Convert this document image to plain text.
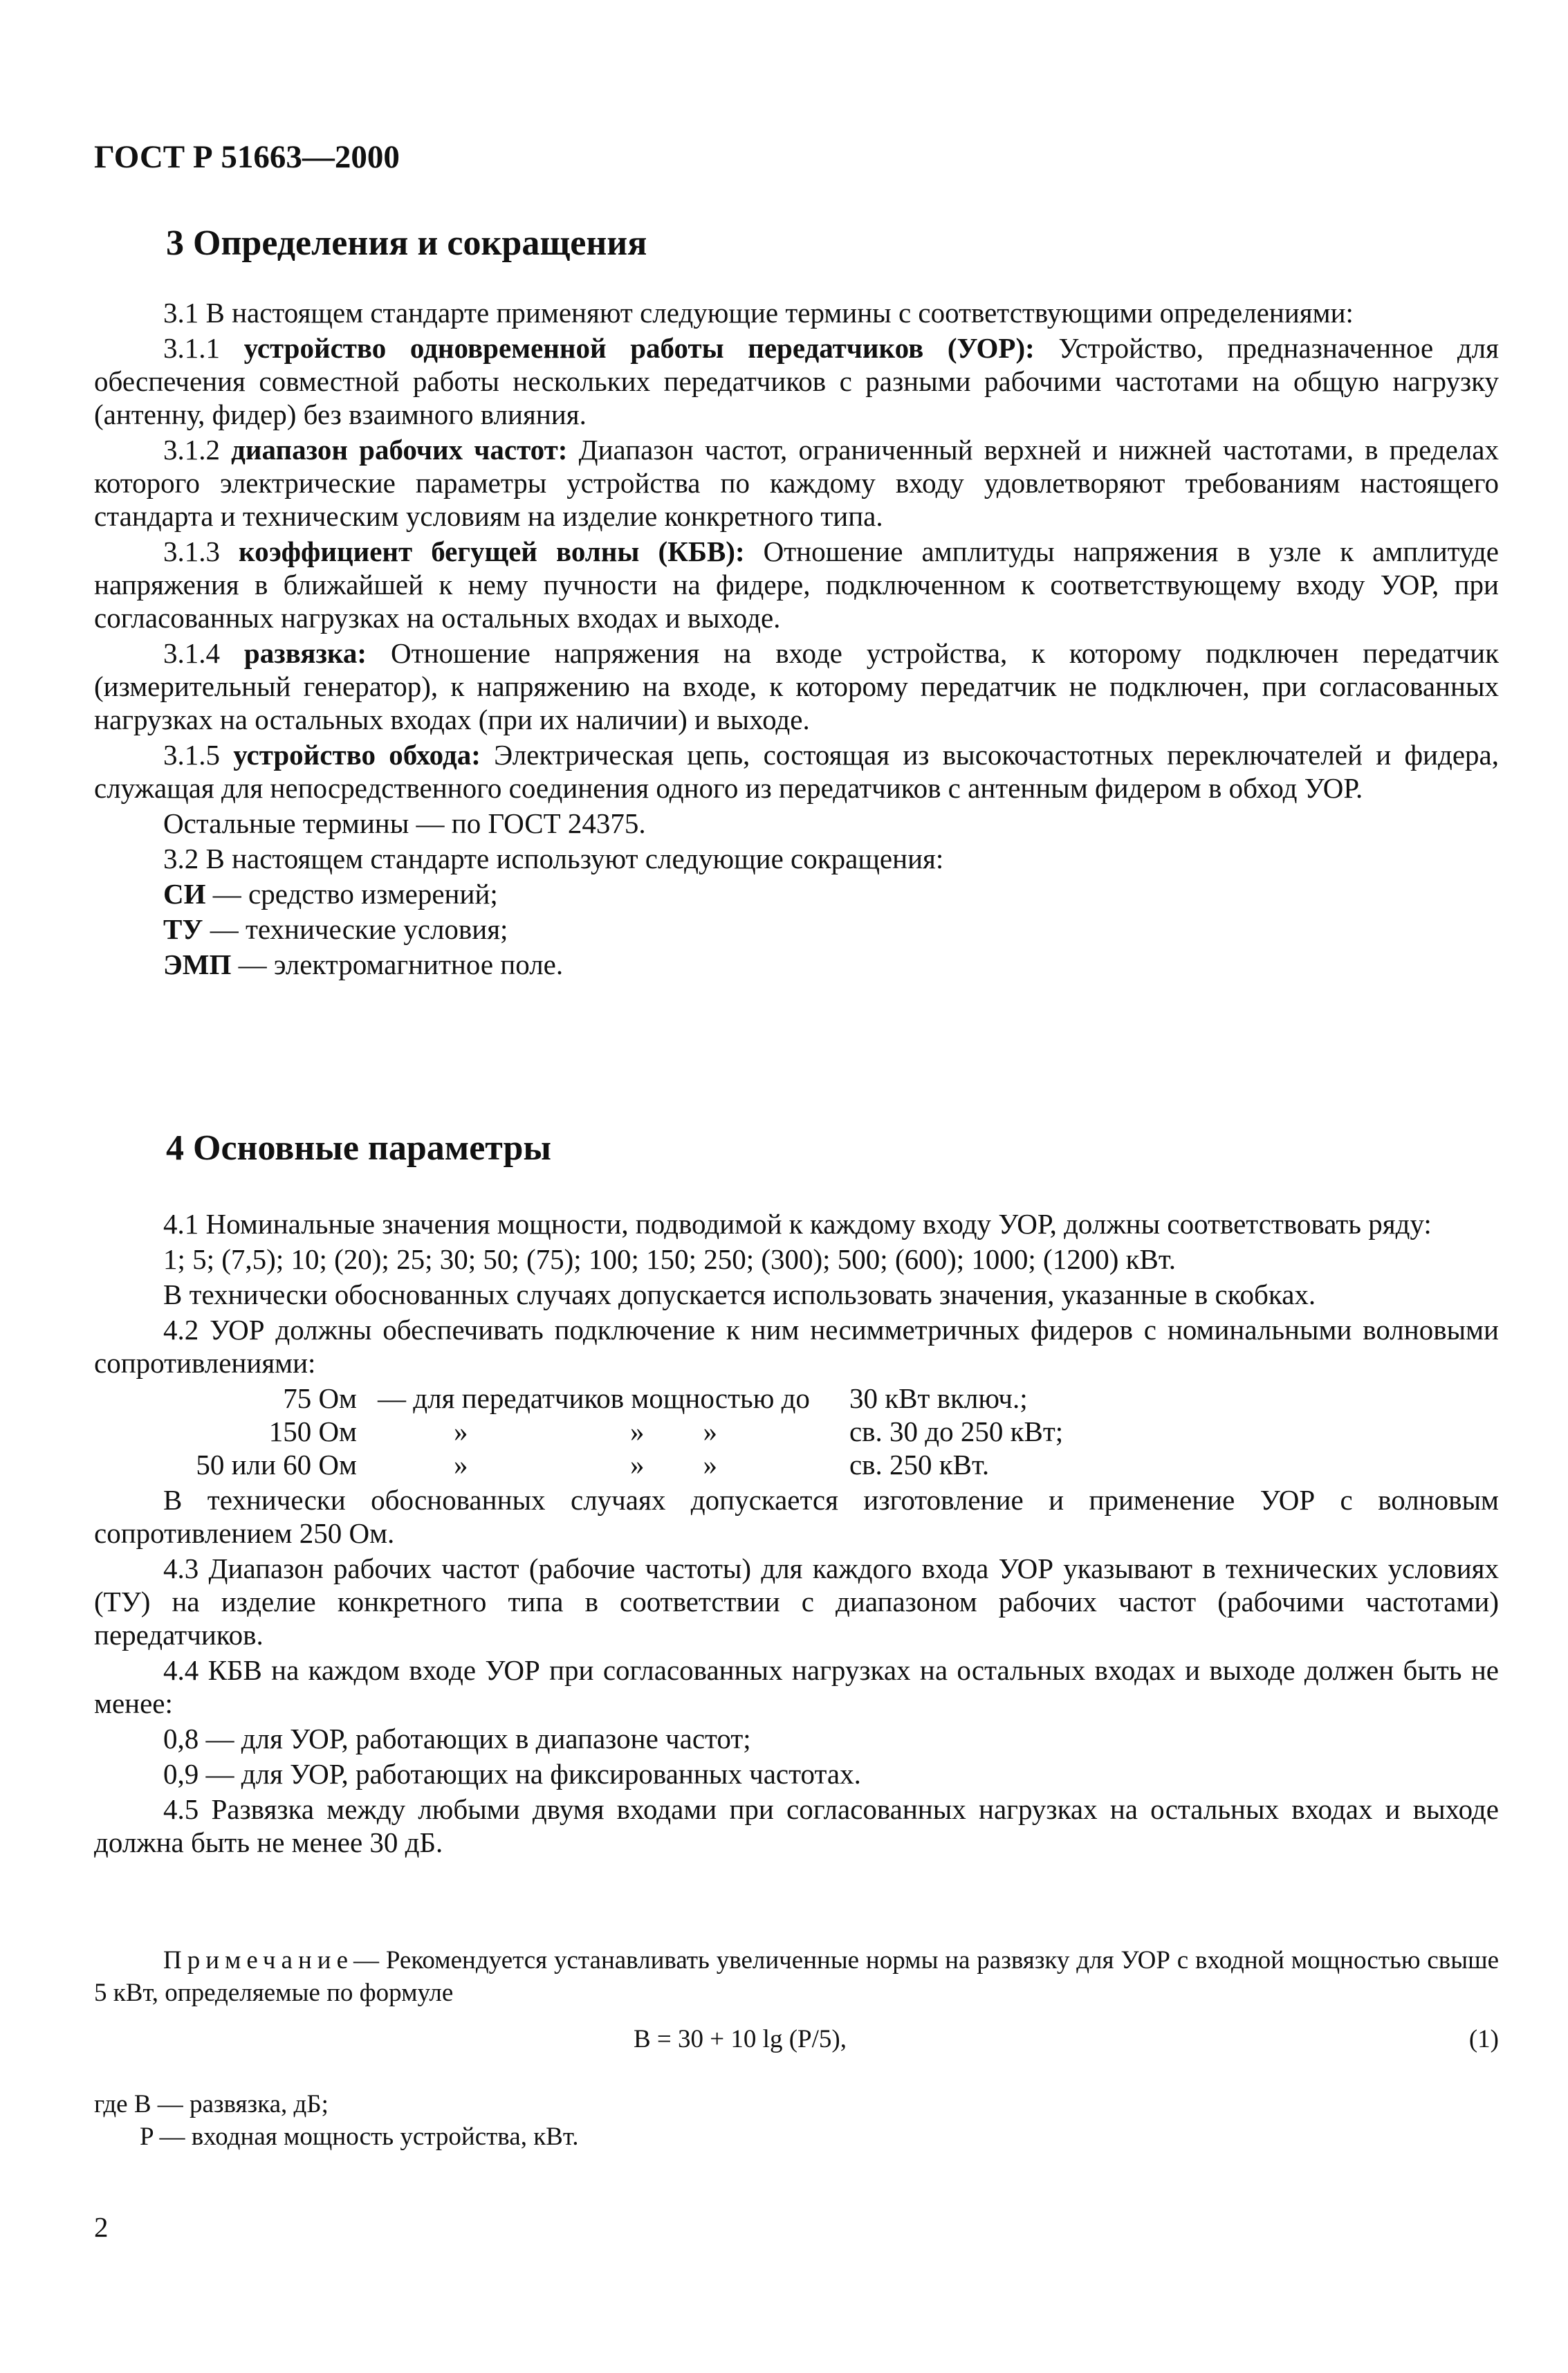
ГОСТ Р 51663—2000
3 Определения и сокращения

3.1 В настоящем стандарте применяют следующие термины с соответствующими определениями:

3.1.1 устройство одновременной работы передатчиков (УОР): Устройство, предназначенное для обеспечения совместной работы нескольких передатчиков с разными рабочими частотами на общую нагрузку (антенну, фидер) без взаимного влияния.

3.1.2 диапазон рабочих частот: Диапазон частот, ограниченный верхней и нижней частотами, в пределах которого электрические параметры устройства по каждому входу удовлетворяют требованиям настоящего стандарта и техническим условиям на изделие конкретного типа.

3.1.3 коэффициент бегущей волны (КБВ): Отношение амплитуды напряжения в узле к амплитуде напряжения в ближайшей к нему пучности на фидере, подключенном к соответствующему входу УОР, при согласованных нагрузках на остальных входах и выходе.

3.1.4 развязка: Отношение напряжения на входе устройства, к которому подключен передатчик (измерительный генератор), к напряжению на входе, к которому передатчик не подключен, при согласованных нагрузках на остальных входах (при их наличии) и выходе.

3.1.5 устройство обхода: Электрическая цепь, состоящая из высокочастотных переключателей и фидера, служащая для непосредственного соединения одного из передатчиков с антенным фидером в обход УОР.

Остальные термины — по ГОСТ 24375.

3.2 В настоящем стандарте используют следующие сокращения:

СИ — средство измерений;

ТУ — технические условия;

ЭМП — электромагнитное поле.

4 Основные параметры

4.1 Номинальные значения мощности, подводимой к каждому входу УОР, должны соответствовать ряду:

1; 5; (7,5); 10; (20); 25; 30; 50; (75); 100; 150; 250; (300); 500; (600); 1000; (1200) кВт.

В технически обоснованных случаях допускается использовать значения, указанные в скобках.

4.2 УОР должны обеспечивать подключение к ним несимметричных фидеров с номинальными волновыми сопротивлениями:

75 Ом	— для передатчиков мощностью до			30 кВт включ.;
150 Ом	»	»	»	св. 30 до 250 кВт;
50 или 60 Ом	»	»	»	св. 250 кВт.

В технически обоснованных случаях допускается изготовление и применение УОР с волновым сопротивлением 250 Ом.

4.3 Диапазон рабочих частот (рабочие частоты) для каждого входа УОР указывают в технических условиях (ТУ) на изделие конкретного типа в соответствии с диапазоном рабочих частот (рабочими частотами) передатчиков.

4.4 КБВ на каждом входе УОР при согласованных нагрузках на остальных входах и выходе должен быть не менее:

0,8 — для УОР, работающих в диапазоне частот;

0,9 — для УОР, работающих на фиксированных частотах.

4.5 Развязка между любыми двумя входами при согласованных нагрузках на остальных входах и выходе должна быть не менее 30 дБ.

Примечание— Рекомендуется устанавливать увеличенные нормы на развязку для УОР с входной мощностью свыше 5 кВт, определяемые по формуле

B = 30 + 10 lg (P/5),	(1)
где B — развязка, дБ;
P — входная мощность устройства, кВт.
2
